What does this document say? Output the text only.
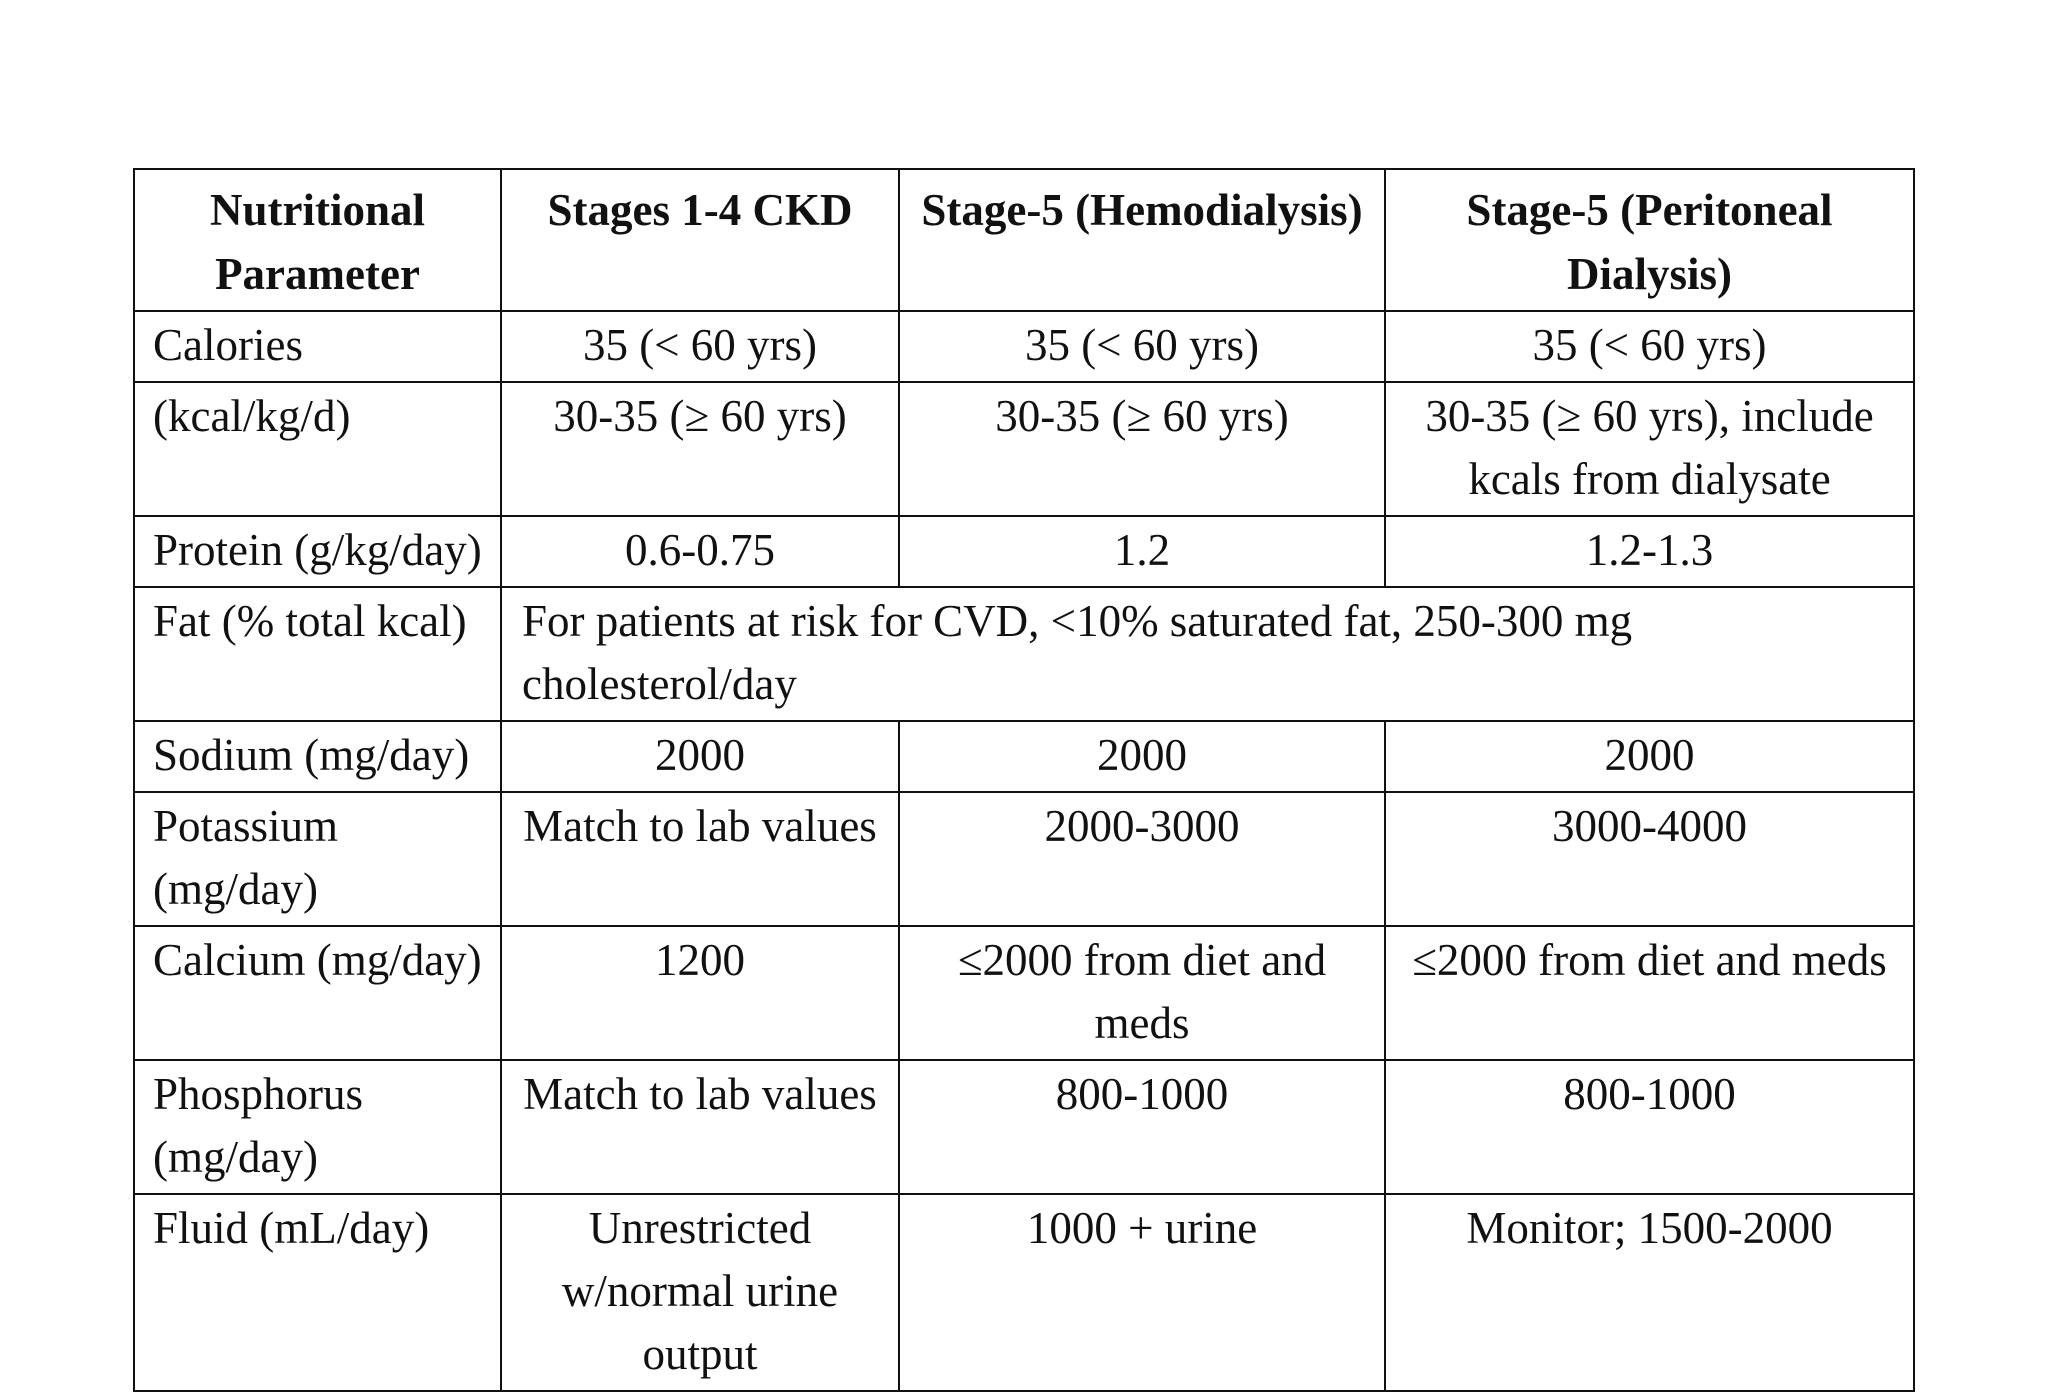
Nutritional Parameter	Stages 1-4 CKD	Stage-5 (Hemodialysis)	Stage-5 (Peritoneal Dialysis)
Calories	35 (< 60 yrs)	35 (< 60 yrs)	35 (< 60 yrs)
(kcal/kg/d)	30-35 (≥ 60 yrs)	30-35 (≥ 60 yrs)	30-35 (≥ 60 yrs), include kcals from dialysate
Protein (g/kg/day)	0.6-0.75	1.2	1.2-1.3
Fat (% total kcal)	For patients at risk for CVD, <10% saturated fat, 250-300 mg cholesterol/day		
Sodium (mg/day)	2000	2000	2000
Potassium (mg/day)	Match to lab values	2000-3000	3000-4000
Calcium (mg/day)	1200	≤2000 from diet and meds	≤2000 from diet and meds
Phosphorus (mg/day)	Match to lab values	800-1000	800-1000
Fluid (mL/day)	Unrestricted w/normal urine output	1000 + urine	Monitor; 1500-2000
